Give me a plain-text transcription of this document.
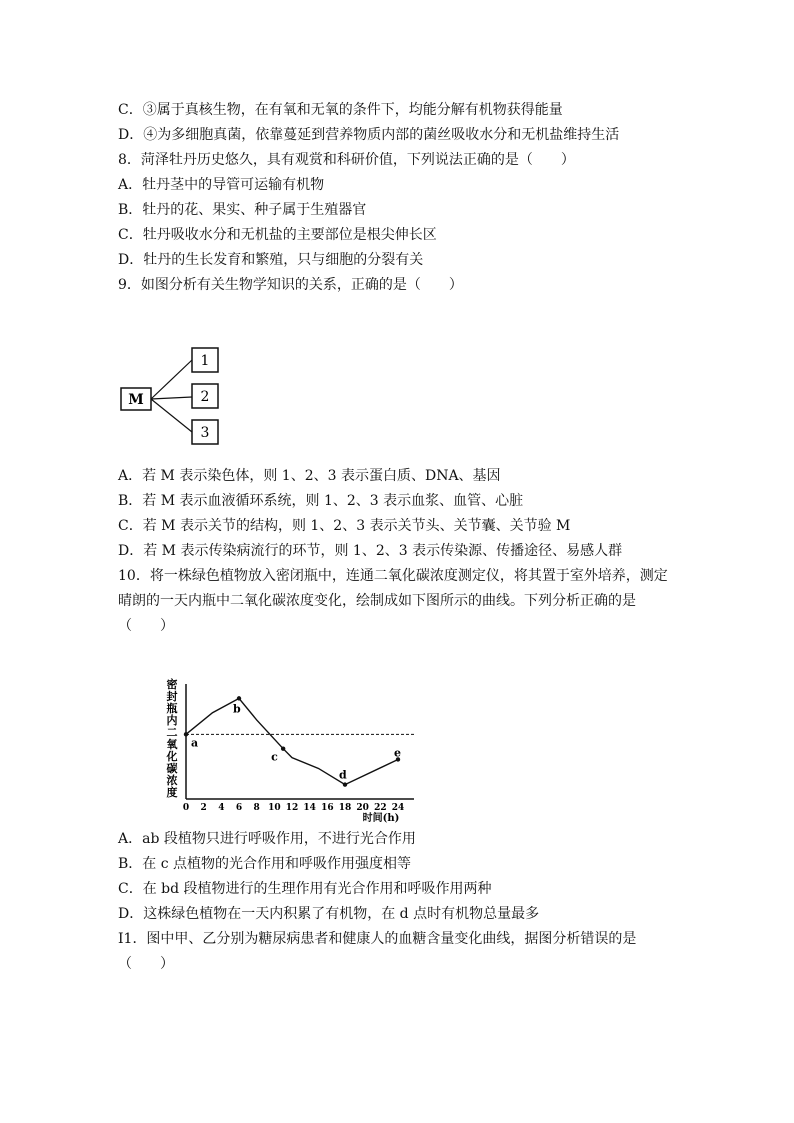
C．③属于真核生物，在有氧和无氧的条件下，均能分解有机物获得能量
D．④为多细胞真菌，依靠蔓延到营养物质内部的菌丝吸收水分和无机盐维持生活
8．菏泽牡丹历史悠久，具有观赏和科研价值，下列说法正确的是（　　）
A．牡丹茎中的导管可运输有机物
B．牡丹的花、果实、种子属于生殖器官
C．牡丹吸收水分和无机盐的主要部位是根尖伸长区
D．牡丹的生长发育和繁殖，只与细胞的分裂有关
9．如图分析有关生物学知识的关系，正确的是（　　）
M
1
2
3
A．若 M 表示染色体，则 1、2、3 表示蛋白质、DNA、基因
B．若 M 表示血液循环系统，则 1、2、3 表示血浆、血管、心脏
C．若 M 表示关节的结构，则 1、2、3 表示关节头、关节囊、关节验 M
D．若 M 表示传染病流行的环节，则 1、2、3 表示传染源、传播途径、易感人群
10．将一株绿色植物放入密闭瓶中，连通二氧化碳浓度测定仪，将其置于室外培养，测定
晴朗的一天内瓶中二氧化碳浓度变化，绘制成如下图所示的曲线。下列分析正确的是
（　　）
密
封
瓶
内
二
氧
化
碳
浓
度
0 2 4 6 8 10 12 14 16 18 20 22 24
a
b
c
d
e
时间(h)
A．ab 段植物只进行呼吸作用，不进行光合作用
B．在 c 点植物的光合作用和呼吸作用强度相等
C．在 bd 段植物进行的生理作用有光合作用和呼吸作用两种
D．这株绿色植物在一天内积累了有机物，在 d 点时有机物总量最多
I1．图中甲、乙分别为糖尿病患者和健康人的血糖含量变化曲线，据图分析错误的是
（　　）
